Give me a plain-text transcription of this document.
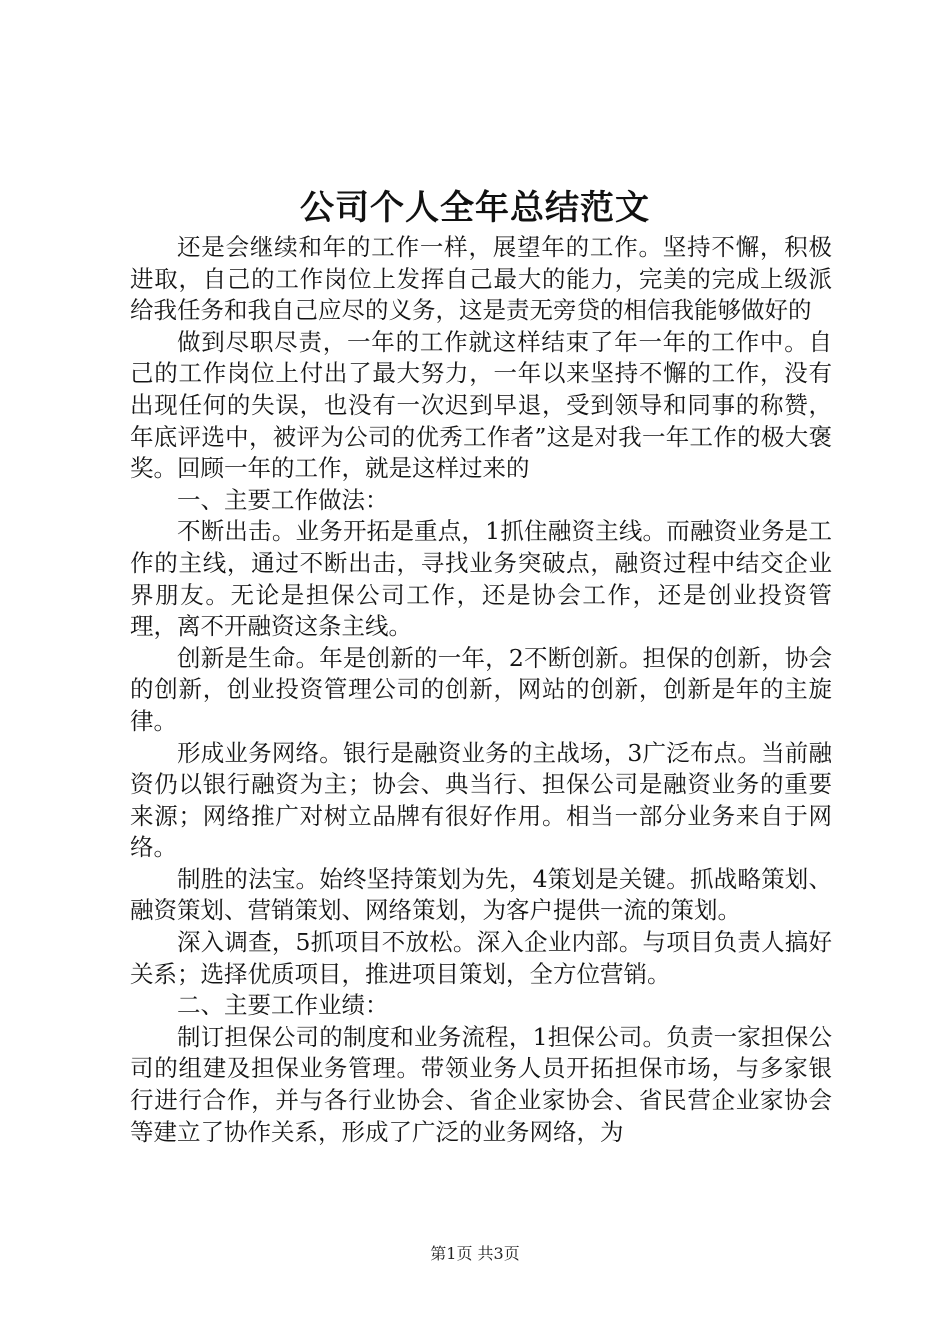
公司个人全年总结范文

还是会继续和年的工作一样，展望年的工作。坚持不懈，积极进取，自己的工作岗位上发挥自己最大的能力，完美的完成上级派给我任务和我自己应尽的义务，这是责无旁贷的相信我能够做好的

做到尽职尽责，一年的工作就这样结束了年一年的工作中。自己的工作岗位上付出了最大努力，一年以来坚持不懈的工作，没有出现任何的失误，也没有一次迟到早退，受到领导和同事的称赞，年底评选中，被评为公司的优秀工作者”这是对我一年工作的极大褒奖。回顾一年的工作，就是这样过来的

一、主要工作做法：

不断出击。业务开拓是重点，1抓住融资主线。而融资业务是工作的主线，通过不断出击，寻找业务突破点，融资过程中结交企业界朋友。无论是担保公司工作，还是协会工作，还是创业投资管理，离不开融资这条主线。

创新是生命。年是创新的一年，2不断创新。担保的创新，协会的创新，创业投资管理公司的创新，网站的创新，创新是年的主旋律。

形成业务网络。银行是融资业务的主战场，3广泛布点。当前融资仍以银行融资为主；协会、典当行、担保公司是融资业务的重要来源；网络推广对树立品牌有很好作用。相当一部分业务来自于网络。

制胜的法宝。始终坚持策划为先，4策划是关键。抓战略策划、融资策划、营销策划、网络策划，为客户提供一流的策划。

深入调查，5抓项目不放松。深入企业内部。与项目负责人搞好关系；选择优质项目，推进项目策划，全方位营销。

二、主要工作业绩：

制订担保公司的制度和业务流程，1担保公司。负责一家担保公司的组建及担保业务管理。带领业务人员开拓担保市场，与多家银行进行合作，并与各行业协会、省企业家协会、省民营企业家协会等建立了协作关系，形成了广泛的业务网络，为

第1页 共3页
